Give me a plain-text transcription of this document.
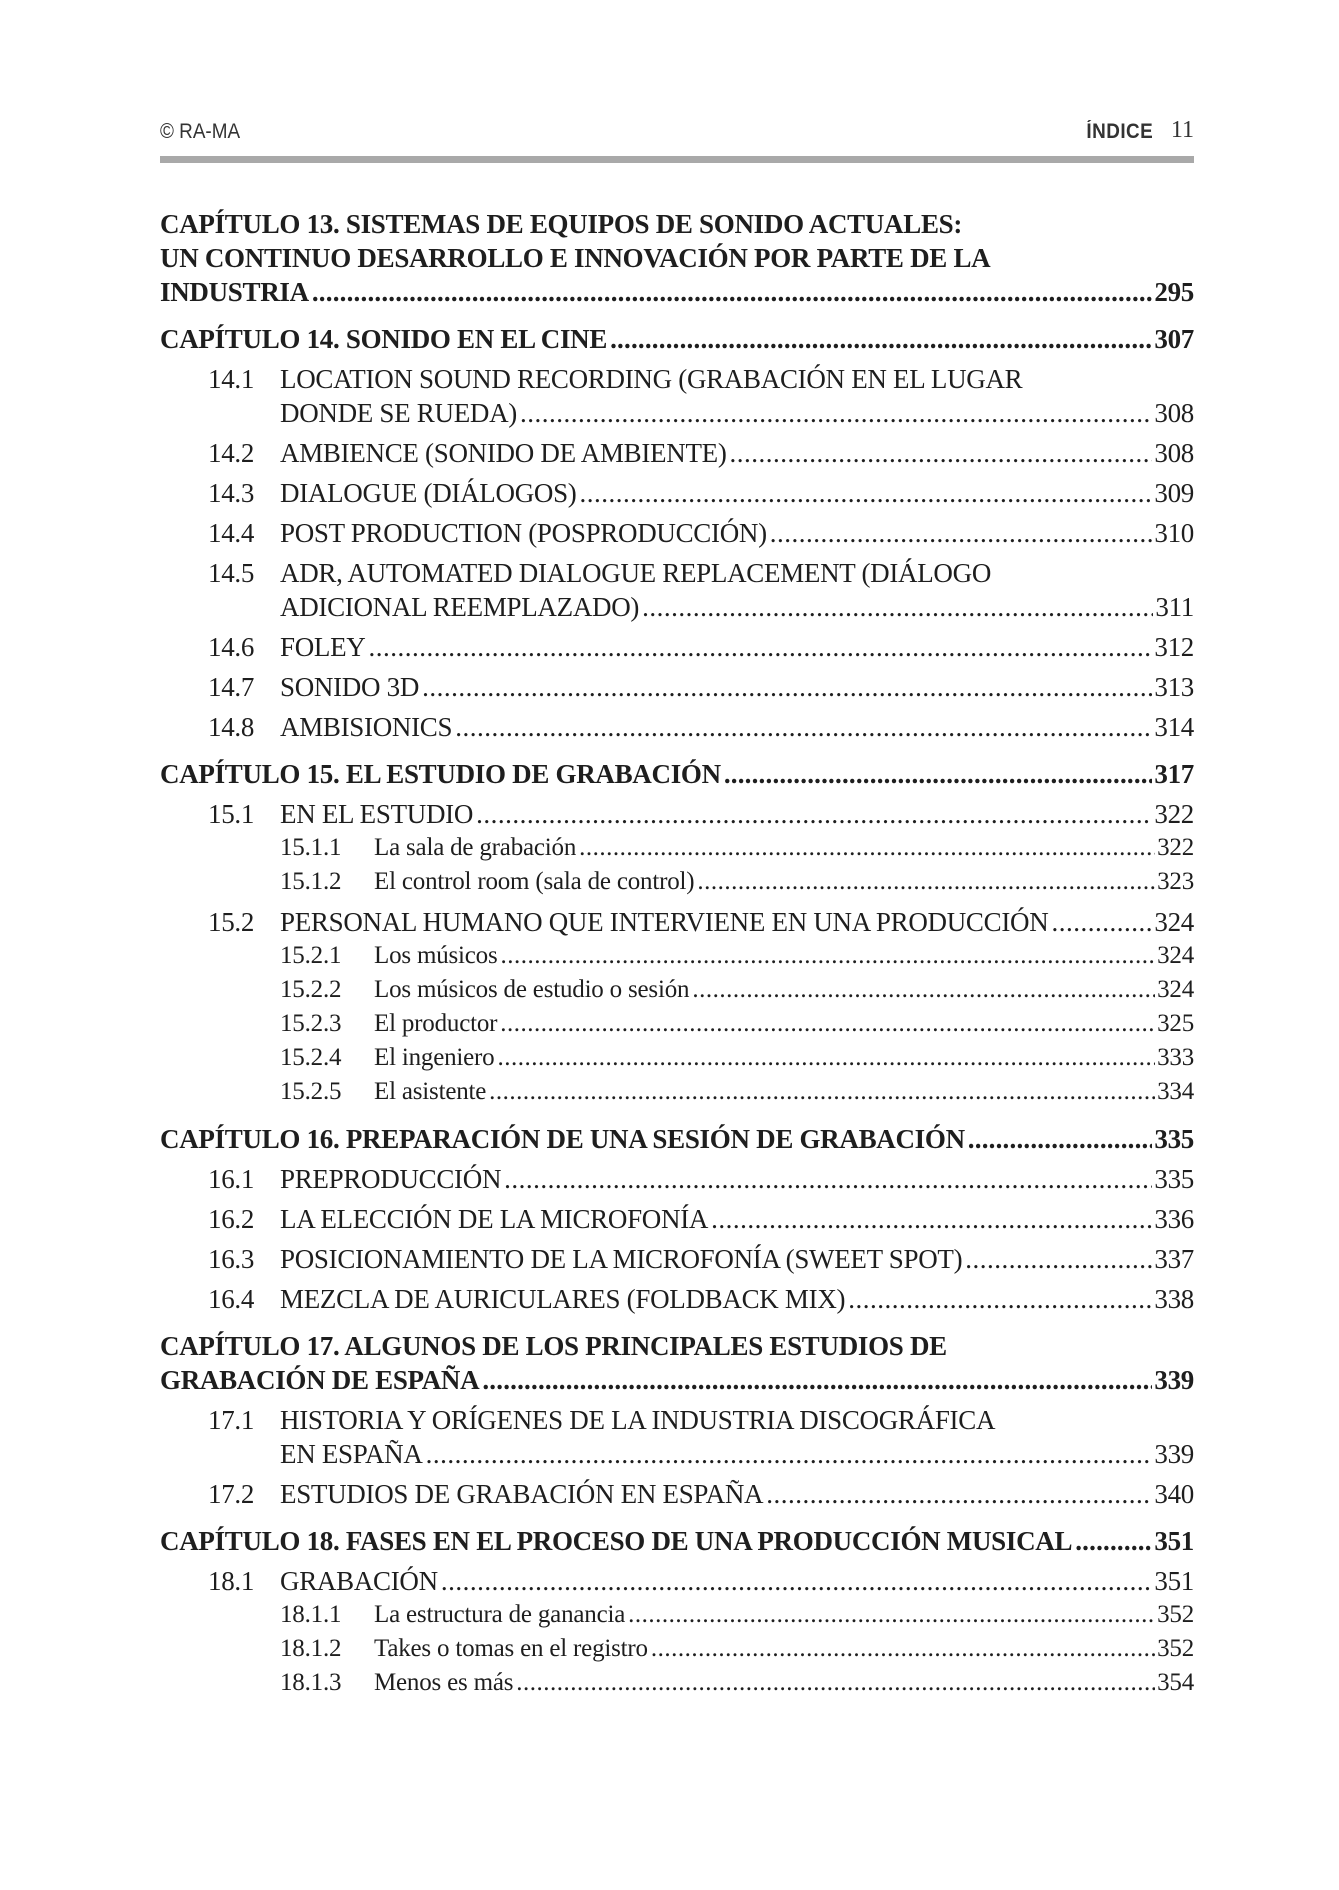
© RA-MA	ÍNDICE 11
CAPÍTULO 13. SISTEMAS DE EQUIPOS DE SONIDO ACTUALES:
UN CONTINUO DESARROLLO E INNOVACIÓN POR PARTE DE LA
INDUSTRIA .....	295
CAPÍTULO 14. SONIDO EN EL CINE .....	307
14.1 LOCATION SOUND RECORDING (GRABACIÓN EN EL LUGAR
DONDE SE RUEDA) .....	308
14.2 AMBIENCE (SONIDO DE AMBIENTE) .....	308
14.3 DIALOGUE (DIÁLOGOS) .....	309
14.4 POST PRODUCTION (POSPRODUCCIÓN) .....	310
14.5 ADR, AUTOMATED DIALOGUE REPLACEMENT (DIÁLOGO
ADICIONAL REEMPLAZADO) .....	311
14.6 FOLEY .....	312
14.7 SONIDO 3D .....	313
14.8 AMBISIONICS .....	314
CAPÍTULO 15. EL ESTUDIO DE GRABACIÓN .....	317
15.1 EN EL ESTUDIO .....	322
15.1.1 La sala de grabación .....	322
15.1.2 El control room (sala de control) .....	323
15.2 PERSONAL HUMANO QUE INTERVIENE EN UNA PRODUCCIÓN .....	324
15.2.1 Los músicos .....	324
15.2.2 Los músicos de estudio o sesión .....	324
15.2.3 El productor .....	325
15.2.4 El ingeniero .....	333
15.2.5 El asistente .....	334
CAPÍTULO 16. PREPARACIÓN DE UNA SESIÓN DE GRABACIÓN .....	335
16.1 PREPRODUCCIÓN .....	335
16.2 LA ELECCIÓN DE LA MICROFONÍA .....	336
16.3 POSICIONAMIENTO DE LA MICROFONÍA (SWEET SPOT) .....	337
16.4 MEZCLA DE AURICULARES (FOLDBACK MIX) .....	338
CAPÍTULO 17. ALGUNOS DE LOS PRINCIPALES ESTUDIOS DE
GRABACIÓN DE ESPAÑA .....	339
17.1 HISTORIA Y ORÍGENES DE LA INDUSTRIA DISCOGRÁFICA
EN ESPAÑA .....	339
17.2 ESTUDIOS DE GRABACIÓN EN ESPAÑA .....	340
CAPÍTULO 18. FASES EN EL PROCESO DE UNA PRODUCCIÓN MUSICAL .....	351
18.1 GRABACIÓN .....	351
18.1.1 La estructura de ganancia .....	352
18.1.2 Takes o tomas en el registro .....	352
18.1.3 Menos es más .....	354
